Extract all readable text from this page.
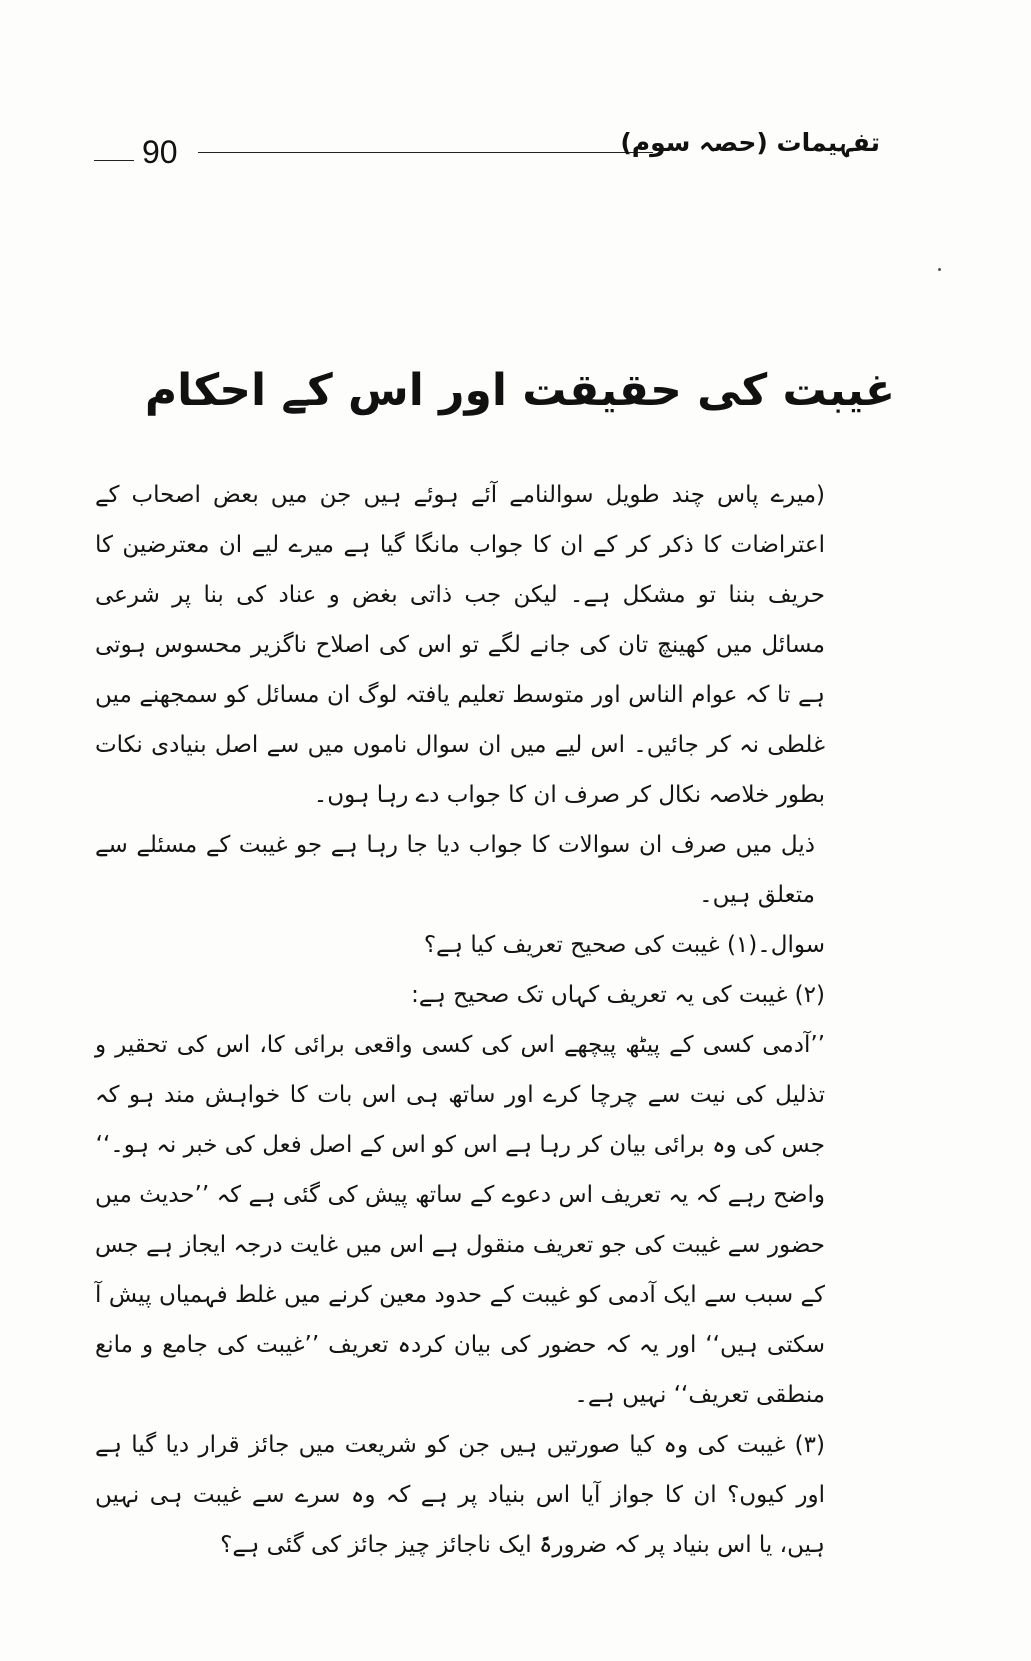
90	تفہیمات (حصہ سوم)
غیبت کی حقیقت اور اس کے احکام

(میرے پاس چند طویل سوالنامے آئے ہوئے ہیں جن میں بعض اصحاب کے اعتراضات کا ذکر کر کے ان کا جواب مانگا گیا ہے میرے لیے ان معترضین کا حریف بننا تو مشکل ہے۔ لیکن جب ذاتی بغض و عناد کی بنا پر شرعی مسائل میں کھینچ تان کی جانے لگے تو اس کی اصلاح ناگزیر محسوس ہوتی ہے تا کہ عوام الناس اور متوسط تعلیم یافتہ لوگ ان مسائل کو سمجھنے میں غلطی نہ کر جائیں۔ اس لیے میں ان سوال ناموں میں سے اصل بنیادی نکات بطور خلاصہ نکال کر صرف ان کا جواب دے رہا ہوں۔

ذیل میں صرف ان سوالات کا جواب دیا جا رہا ہے جو غیبت کے مسئلے سے متعلق ہیں۔

سوال۔(۱) غیبت کی صحیح تعریف کیا ہے؟

(۲) غیبت کی یہ تعریف کہاں تک صحیح ہے:

’’آدمی کسی کے پیٹھ پیچھے اس کی کسی واقعی برائی کا، اس کی تحقیر و تذلیل کی نیت سے چرچا کرے اور ساتھ ہی اس بات کا خواہش مند ہو کہ جس کی وہ برائی بیان کر رہا ہے اس کو اس کے اصل فعل کی خبر نہ ہو۔‘‘

واضح رہے کہ یہ تعریف اس دعوے کے ساتھ پیش کی گئی ہے کہ ’’حدیث میں حضور سے غیبت کی جو تعریف منقول ہے اس میں غایت درجہ ایجاز ہے جس کے سبب سے ایک آدمی کو غیبت کے حدود معین کرنے میں غلط فہمیاں پیش آ سکتی ہیں‘‘ اور یہ کہ حضور کی بیان کردہ تعریف ’’غیبت کی جامع و مانع منطقی تعریف‘‘ نہیں ہے۔

(۳) غیبت کی وہ کیا صورتیں ہیں جن کو شریعت میں جائز قرار دیا گیا ہے اور کیوں؟ ان کا جواز آیا اس بنیاد پر ہے کہ وہ سرے سے غیبت ہی نہیں ہیں، یا اس بنیاد پر کہ ضرورۃً ایک ناجائز چیز جائز کی گئی ہے؟
